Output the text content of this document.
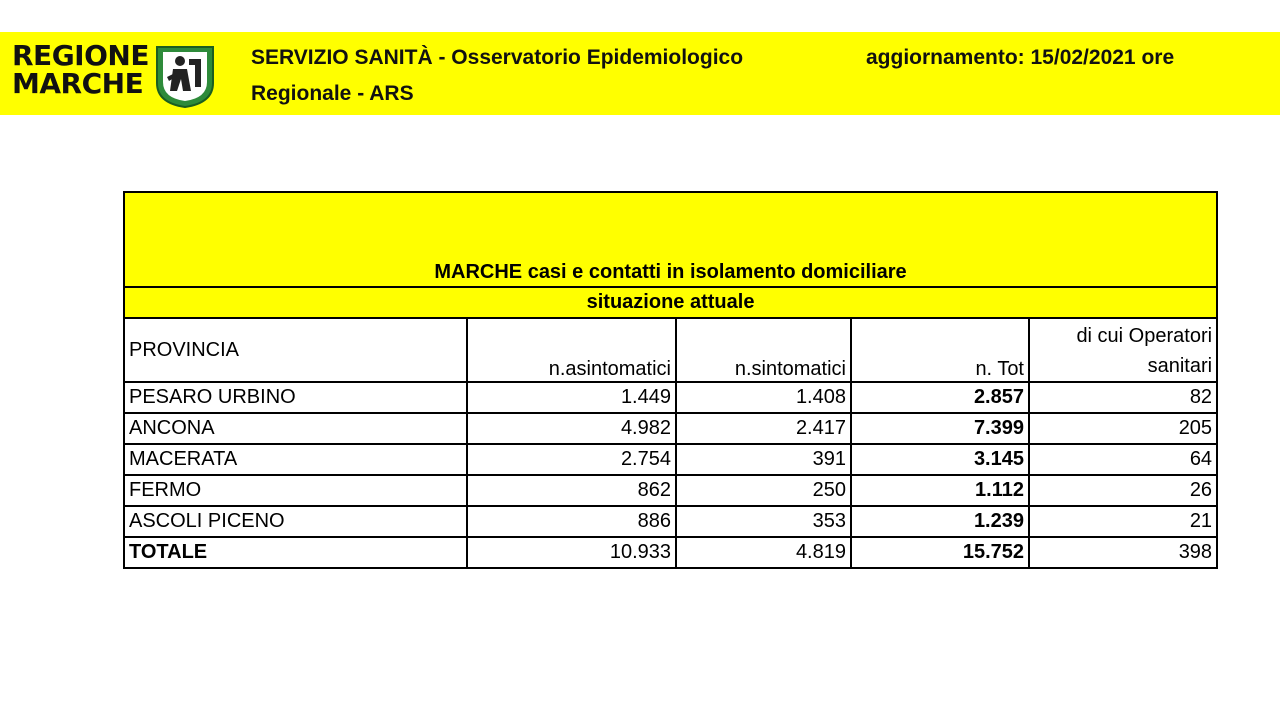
REGIONE
MARCHE
SERVIZIO SANITÀ - Osservatorio Epidemiologico
Regionale - ARS
aggiornamento: 15/02/2021 ore
MARCHE casi e contatti in isolamento domiciliare				
situazione attuale				
PROVINCIA	n.asintomatici	n.sintomatici	n. Tot	di cui Operatori sanitari
PESARO URBINO	1.449	1.408	2.857	82
ANCONA	4.982	2.417	7.399	205
MACERATA	2.754	391	3.145	64
FERMO	862	250	1.112	26
ASCOLI PICENO	886	353	1.239	21
TOTALE	10.933	4.819	15.752	398
